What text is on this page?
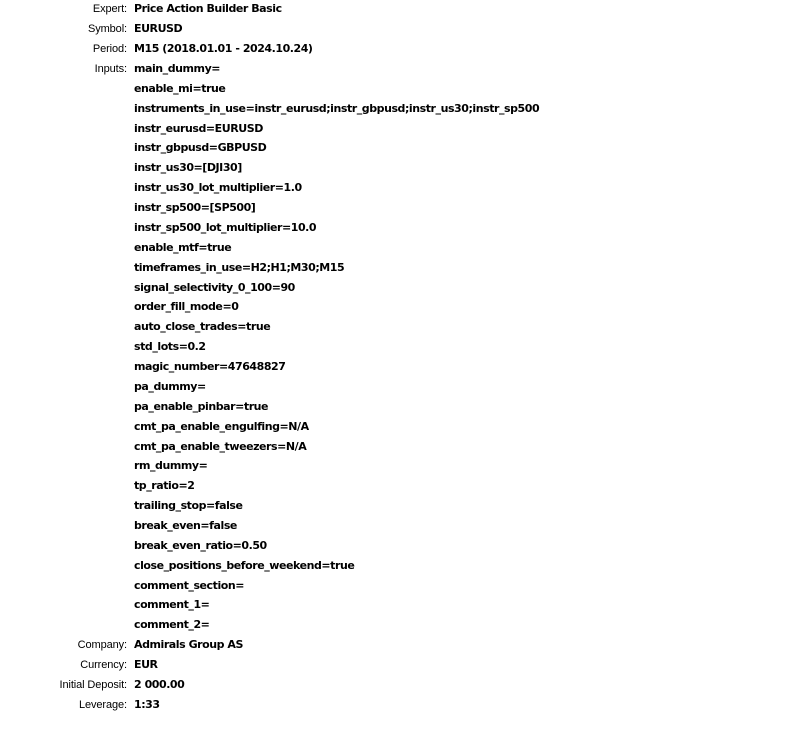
Expert: Price Action Builder Basic
Symbol: EURUSD
Period: M15 (2018.01.01 - 2024.10.24)
Inputs: main_dummy=
enable_mi=true
instruments_in_use=instr_eurusd;instr_gbpusd;instr_us30;instr_sp500
instr_eurusd=EURUSD
instr_gbpusd=GBPUSD
instr_us30=[DJI30]
instr_us30_lot_multiplier=1.0
instr_sp500=[SP500]
instr_sp500_lot_multiplier=10.0
enable_mtf=true
timeframes_in_use=H2;H1;M30;M15
signal_selectivity_0_100=90
order_fill_mode=0
auto_close_trades=true
std_lots=0.2
magic_number=47648827
pa_dummy=
pa_enable_pinbar=true
cmt_pa_enable_engulfing=N/A
cmt_pa_enable_tweezers=N/A
rm_dummy=
tp_ratio=2
trailing_stop=false
break_even=false
break_even_ratio=0.50
close_positions_before_weekend=true
comment_section=
comment_1=
comment_2=
Company: Admirals Group AS
Currency: EUR
Initial Deposit: 2 000.00
Leverage: 1:33
